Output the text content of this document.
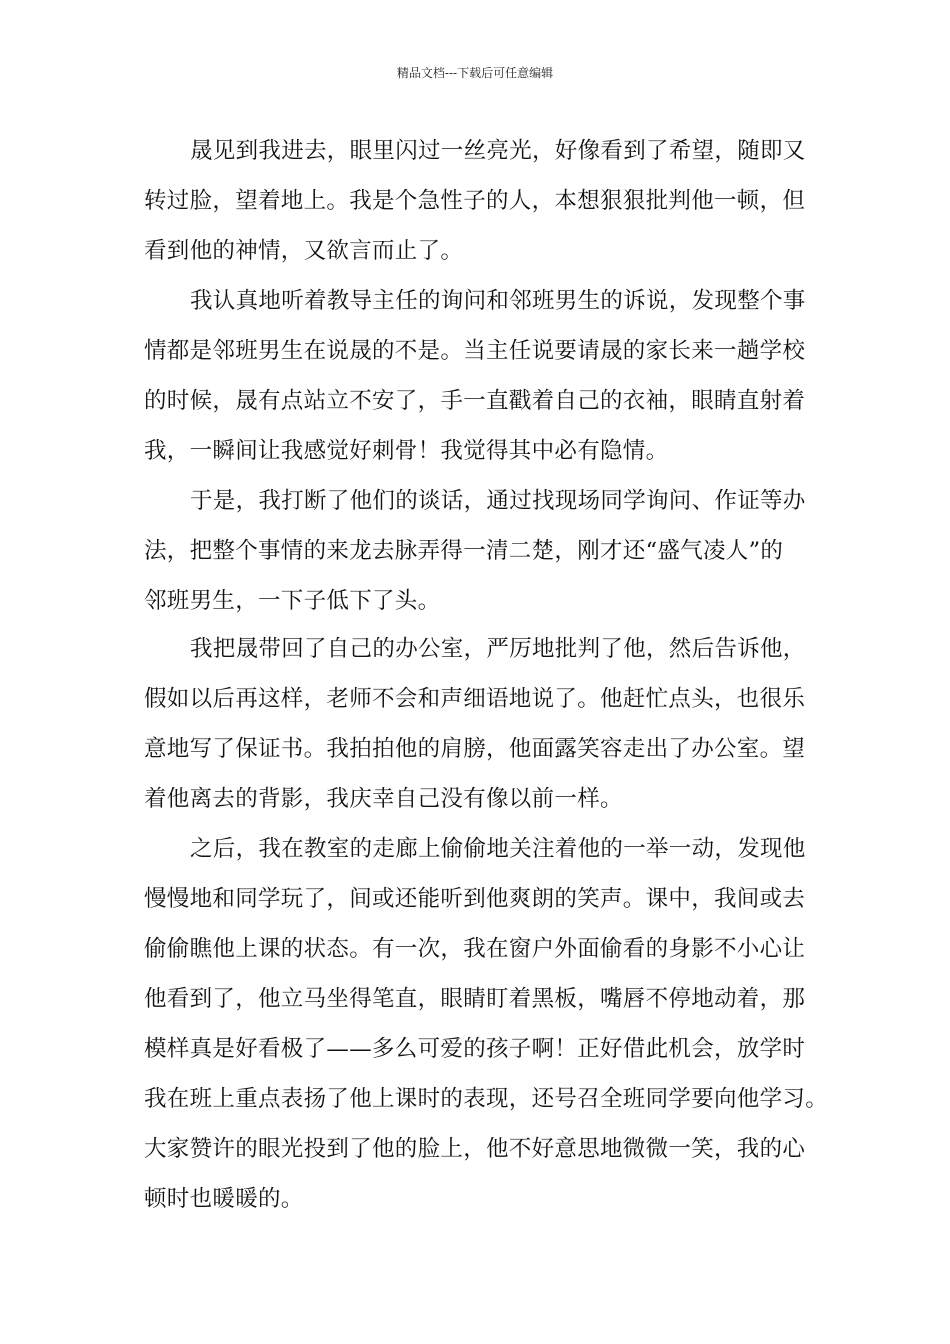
精品文档---下载后可任意编辑
晟见到我进去，眼里闪过一丝亮光，好像看到了希望，随即又
转过脸，望着地上。我是个急性子的人，本想狠狠批判他一顿，但
看到他的神情，又欲言而止了。
我认真地听着教导主任的询问和邻班男生的诉说，发现整个事
情都是邻班男生在说晟的不是。当主任说要请晟的家长来一趟学校
的时候，晟有点站立不安了，手一直戳着自己的衣袖，眼睛直射着
我，一瞬间让我感觉好刺骨！我觉得其中必有隐情。
于是，我打断了他们的谈话，通过找现场同学询问、作证等办
法，把整个事情的来龙去脉弄得一清二楚，刚才还“盛气凌人”的
邻班男生，一下子低下了头。
我把晟带回了自己的办公室，严厉地批判了他，然后告诉他，
假如以后再这样，老师不会和声细语地说了。他赶忙点头，也很乐
意地写了保证书。我拍拍他的肩膀，他面露笑容走出了办公室。望
着他离去的背影，我庆幸自己没有像以前一样。
之后，我在教室的走廊上偷偷地关注着他的一举一动，发现他
慢慢地和同学玩了，间或还能听到他爽朗的笑声。课中，我间或去
偷偷瞧他上课的状态。有一次，我在窗户外面偷看的身影不小心让
他看到了，他立马坐得笔直，眼睛盯着黑板，嘴唇不停地动着，那
模样真是好看极了——多么可爱的孩子啊！正好借此机会，放学时
我在班上重点表扬了他上课时的表现，还号召全班同学要向他学习。
大家赞许的眼光投到了他的脸上，他不好意思地微微一笑，我的心
顿时也暖暖的。
